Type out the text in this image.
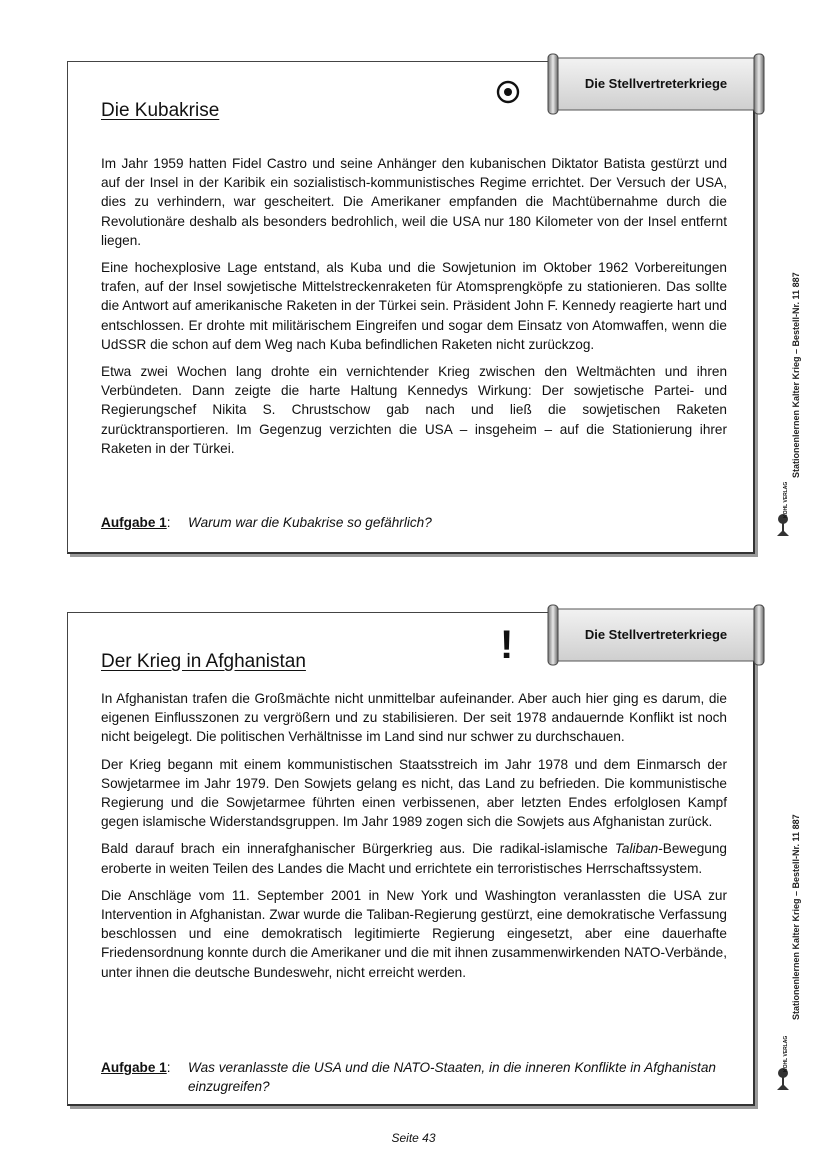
Die Kubakrise

Im Jahr 1959 hatten Fidel Castro und seine Anhänger den kubanischen Diktator Batista gestürzt und auf der Insel in der Karibik ein sozialistisch-kommunistisches Regime errichtet. Der Versuch der USA, dies zu verhindern, war gescheitert. Die Amerikaner empfanden die Machtübernahme durch die Revolutionäre deshalb als besonders bedrohlich, weil die USA nur 180 Kilometer von der Insel entfernt liegen.

Eine hochexplosive Lage entstand, als Kuba und die Sowjetunion im Oktober 1962 Vorbereitungen trafen, auf der Insel sowjetische Mittelstreckenraketen für Atomsprengköpfe zu stationieren. Das sollte die Antwort auf amerikanische Raketen in der Türkei sein. Präsident John F. Kennedy reagierte hart und entschlossen. Er drohte mit militärischem Eingreifen und sogar dem Einsatz von Atomwaffen, wenn die UdSSR die schon auf dem Weg nach Kuba befindlichen Raketen nicht zurückzog.

Etwa zwei Wochen lang drohte ein vernichtender Krieg zwischen den Weltmächten und ihren Verbündeten. Dann zeigte die harte Haltung Kennedys Wirkung: Der sowjetische Partei- und Regierungschef Nikita S. Chrustschow gab nach und ließ die sowjetischen Raketen zurücktransportieren. Im Gegenzug verzichten die USA – insgeheim – auf die Stationierung ihrer Raketen in der Türkei.

Aufgabe 1:	Warum war die Kubakrise so gefährlich?
Die Stellvertreterkriege
Der Krieg in Afghanistan

In Afghanistan trafen die Großmächte nicht unmittelbar aufeinander. Aber auch hier ging es darum, die eigenen Einflusszonen zu vergrößern und zu stabilisieren. Der seit 1978 andauernde Konflikt ist noch nicht beigelegt. Die politischen Verhältnisse im Land sind nur schwer zu durchschauen.

Der Krieg begann mit einem kommunistischen Staatsstreich im Jahr 1978 und dem Einmarsch der Sowjetarmee im Jahr 1979. Den Sowjets gelang es nicht, das Land zu befrieden. Die kommunistische Regierung und die Sowjetarmee führten einen verbissenen, aber letzten Endes erfolglosen Kampf gegen islamische Widerstandsgruppen. Im Jahr 1989 zogen sich die Sowjets aus Afghanistan zurück.

Bald darauf brach ein innerafghanischer Bürgerkrieg aus. Die radikal-islamische Taliban-Bewegung eroberte in weiten Teilen des Landes die Macht und errichtete ein terroristisches Herrschaftssystem.

Die Anschläge vom 11. September 2001 in New York und Washington veranlassten die USA zur Intervention in Afghanistan. Zwar wurde die Taliban-Regierung gestürzt, eine demokratische Verfassung beschlossen und eine demokratisch legitimierte Regierung eingesetzt, aber eine dauerhafte Friedensordnung konnte durch die Amerikaner und die mit ihnen zusammenwirkenden NATO-Verbände, unter ihnen die deutsche Bundeswehr, nicht erreicht werden.

Aufgabe 1:	Was veranlasste die USA und die NATO-Staaten, in die inneren Konflikte in Afghanistan einzugreifen?
!	Die Stellvertreterkriege
Stationenlernen Kalter Krieg – Bestell-Nr. 11 887
Stationenlernen Kalter Krieg – Bestell-Nr. 11 887
KOHL VERLAG
KOHL VERLAG
Seite 43
